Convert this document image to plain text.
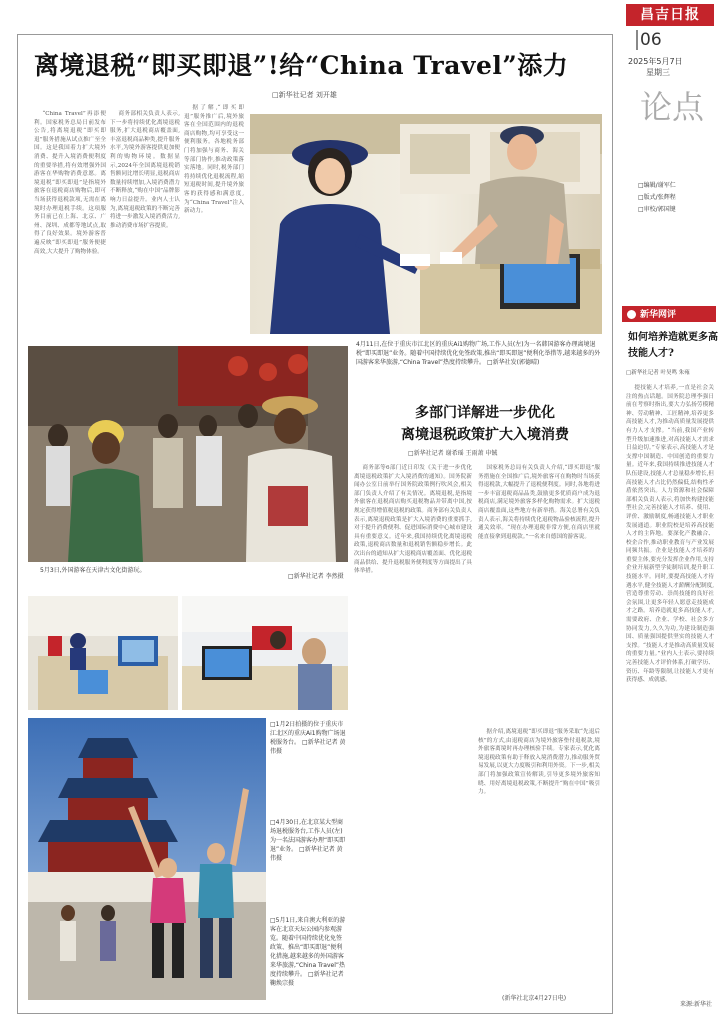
昌吉日报
06
2025年5月7日
星期三
离境退税“即买即退”!给“China Travel”添力
□新华社记者 刘开雄

“China Travel”再添便利。国家税务总局日前发布公告,将离境退税“即买即退”服务措施从试点推广至全国。这是我国着力扩大境外消费、提升入境消费便利度的重要举措,将有效增强外国游客在华购物消费意愿。离境退税“即买即退”是指境外旅客在退税商店购物后,即可当场获得退税款项,无需在离境时办理退税手续。这项服务目前已在上海、北京、广州、深圳、成都等地试点,取得了良好效果。境外游客普遍反映“即买即退”服务便捷高效,大大提升了购物体验。

商务部相关负责人表示,下一步将持续优化离境退税服务,扩大退税商店覆盖面,丰富退税商品种类,提升服务水平,为境外游客提供更加便利的购物环境。数据显示,2024年全国离境退税销售额同比增长明显,退税商店数量持续增加,入境消费潜力不断释放,“购在中国”品牌影响力日益提升。业内人士认为,离境退税政策的不断完善将进一步激发入境消费活力,推动消费市场扩容提质。

据了解,“即买即退”服务推广后,境外旅客在全国范围内的退税商店购物,均可享受这一便利服务。各地税务部门将加强与商务、海关等部门协作,推动政策落实落地。同时,税务部门将持续优化退税流程,缩短退税时间,提升境外旅客的获得感和满意度,为“China Travel”注入新动力。

4月11日,在位于重庆市江北区的重庆Ai1购物广场,工作人员(左)为一名韩国游客办理离境退税“即买即退”业务。随着中国持续优化免签政策,推出“即买即退”便利化举措等,越来越多的外国游客来华旅游,“China Travel”热度持续攀升。 □新华社发(郭德晴)
5月3日,外国游客在天津古文化街游玩。
□新华社记者 李然摄
多部门详解进一步优化
离境退税政策扩大入境消费
□新华社记者 谢希瑶 王雨萧 申铖

商务部等6部门近日印发《关于进一步优化离境退税政策扩大入境消费的通知》。国务院新闻办公室日前举行国务院政策例行吹风会,相关部门负责人介绍了有关情况。离境退税,是指境外旅客在退税商店购买退税物品并带离中国,按规定获得增值税退税的政策。商务部有关负责人表示,离境退税政策是扩大入境消费的重要抓手,对于提升消费便利、促进国际消费中心城市建设具有重要意义。近年来,我国持续优化离境退税政策,退税商店数量和退税销售额稳步增长。此次出台的通知从扩大退税商店覆盖面、优化退税商品供给、提升退税服务便利度等方面提出了具体举措。

国家税务总局有关负责人介绍,“即买即退”服务措施在全国推广后,境外旅客可在购物时当场获得退税款,大幅提升了退税便利度。同时,各地将进一步丰富退税商品品类,鼓励更多优质商户成为退税商店,满足境外旅客多样化购物需求。扩大退税商店覆盖面,这些地方有新举措。海关总署有关负责人表示,海关将持续优化退税物品验核流程,提升通关效率。“现在办理退税非常方便,在商店里就能直接拿到退税款。”一名来自德国的游客说。

据介绍,离境退税“即买即退”服务采取“先退后核”的方式,由退税商店为境外旅客垫付退税款,境外旅客离境时再办理核验手续。专家表示,优化离境退税政策有助于释放入境消费潜力,推动服务贸易发展,以更大力度吸引和利用外资。下一步,相关部门将加强政策宣传解读,引导更多境外旅客知晓、用好离境退税政策,不断提升“购在中国”吸引力。

(新华社北京4月27日电)
□1月2日拍摄的位于重庆市江北区的重庆Ai1购物广场退税服务台。 □新华社记者 黄伟摄
□4月30日,在北京某大型商场退税服务台,工作人员(左)为一名法国游客办理“即买即退”业务。 □新华社记者 黄伟摄
□5月1日,来自澳大利亚的游客在北京天坛公园内参观游览。随着中国持续优化免签政策、推出“即买即退”便利化措施,越来越多的外国游客来华旅游,“China Travel”热度持续攀升。 □新华社记者 鞠焕宗摄
论点
□编辑/谢军仁
□版式/张辉程
□审校/郭国键
新华网评
如何培养造就更多高技能人才?
□新华社记者 叶昊鸣 朱雍

提技能人才培养,一直是社会关注的热点话题。国务院总理李强日前在考察时指出,要大力弘扬劳模精神、劳动精神、工匠精神,培养更多高技能人才,为推动高质量发展提供有力人才支撑。“当前,我国产业转型升级加速推进,对高技能人才需求日益迫切。”专家表示,高技能人才是支撑中国制造、中国创造的重要力量。近年来,我国持续推进技能人才队伍建设,技能人才总量稳步增长,但高技能人才占比仍然偏低,结构性矛盾依然突出。人力资源和社会保障部相关负责人表示,将加快构建技能型社会,完善技能人才培养、使用、评价、激励制度,畅通技能人才职业发展通道。职业院校是培养高技能人才的主阵地。要深化产教融合、校企合作,推动职业教育与产业发展同频共振。企业是技能人才培养的重要主体,要充分发挥企业作用,支持企业开展新型学徒制培训,提升职工技能水平。同时,要提高技能人才待遇水平,健全技能人才薪酬分配制度,营造尊重劳动、崇尚技能的良好社会氛围,让更多年轻人愿意走技能成才之路。培养造就更多高技能人才,需要政府、企业、学校、社会多方协同发力,久久为功,为建设制造强国、质量强国提供坚实的技能人才支撑。“技能人才是推动高质量发展的重要力量。”业内人士表示,要持续完善技能人才评价体系,打破学历、资历、年龄等限制,让技能人才更有获得感、成就感。

来源:新华社
